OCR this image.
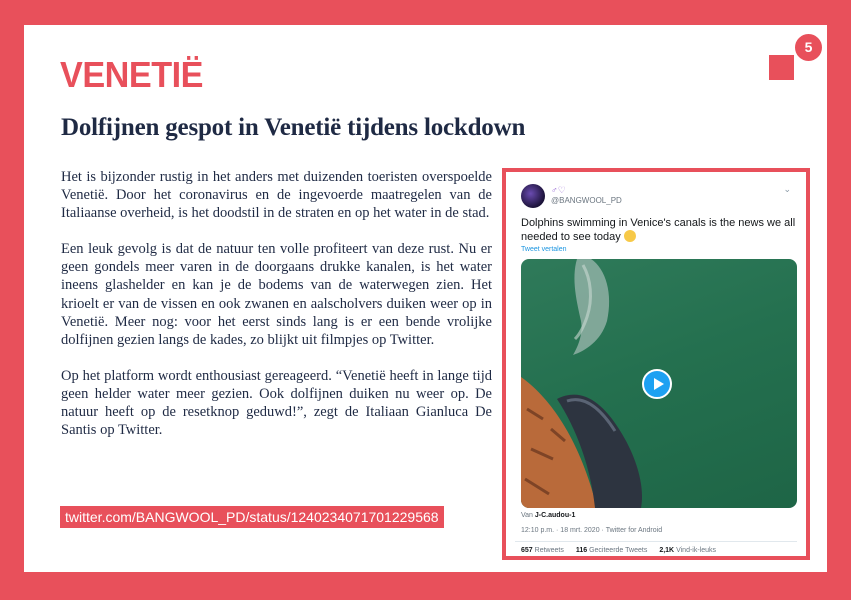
5
VENETIË
Dolfijnen gespot in Venetië tijdens lockdown

Het is bijzonder rustig in het anders met duizenden toeristen overspoelde Venetië. Door het coronavirus en de ingevoerde maatregelen van de Italiaanse overheid, is het doodstil in de straten en op het water in de stad.

Een leuk gevolg is dat de natuur ten volle profiteert van deze rust. Nu er geen gondels meer varen in de doorgaans drukke kanalen, is het water ineens glashelder en kan je de bodems van de waterwegen zien. Het krioelt er van de vissen en ook zwanen en aalscholvers duiken weer op in Venetië. Meer nog: voor het eerst sinds lang is er een bende vrolijke dolfijnen gezien langs de kades, zo blijkt uit filmpjes op Twitter.

Op het platform wordt enthousiast gereageerd. “Venetië heeft in lange tijd geen helder water meer gezien. Ook dolfijnen duiken nu weer op. De natuur heeft op de resetknop geduwd!”, zegt de Italiaan Gianluca De Santis op Twitter.

twitter.com/BANGWOOL_PD/status/1240234071701229568
♂♡
@BANGWOOL_PD
⌄

Dolphins swimming in Venice's canals is the news we all needed to see today

Tweet vertalen
Van J-C.audou-1
12:10 p.m. · 18 mrt. 2020 · Twitter for Android
657 Retweets 116 Geciteerde Tweets 2,1K Vind-ik-leuks
